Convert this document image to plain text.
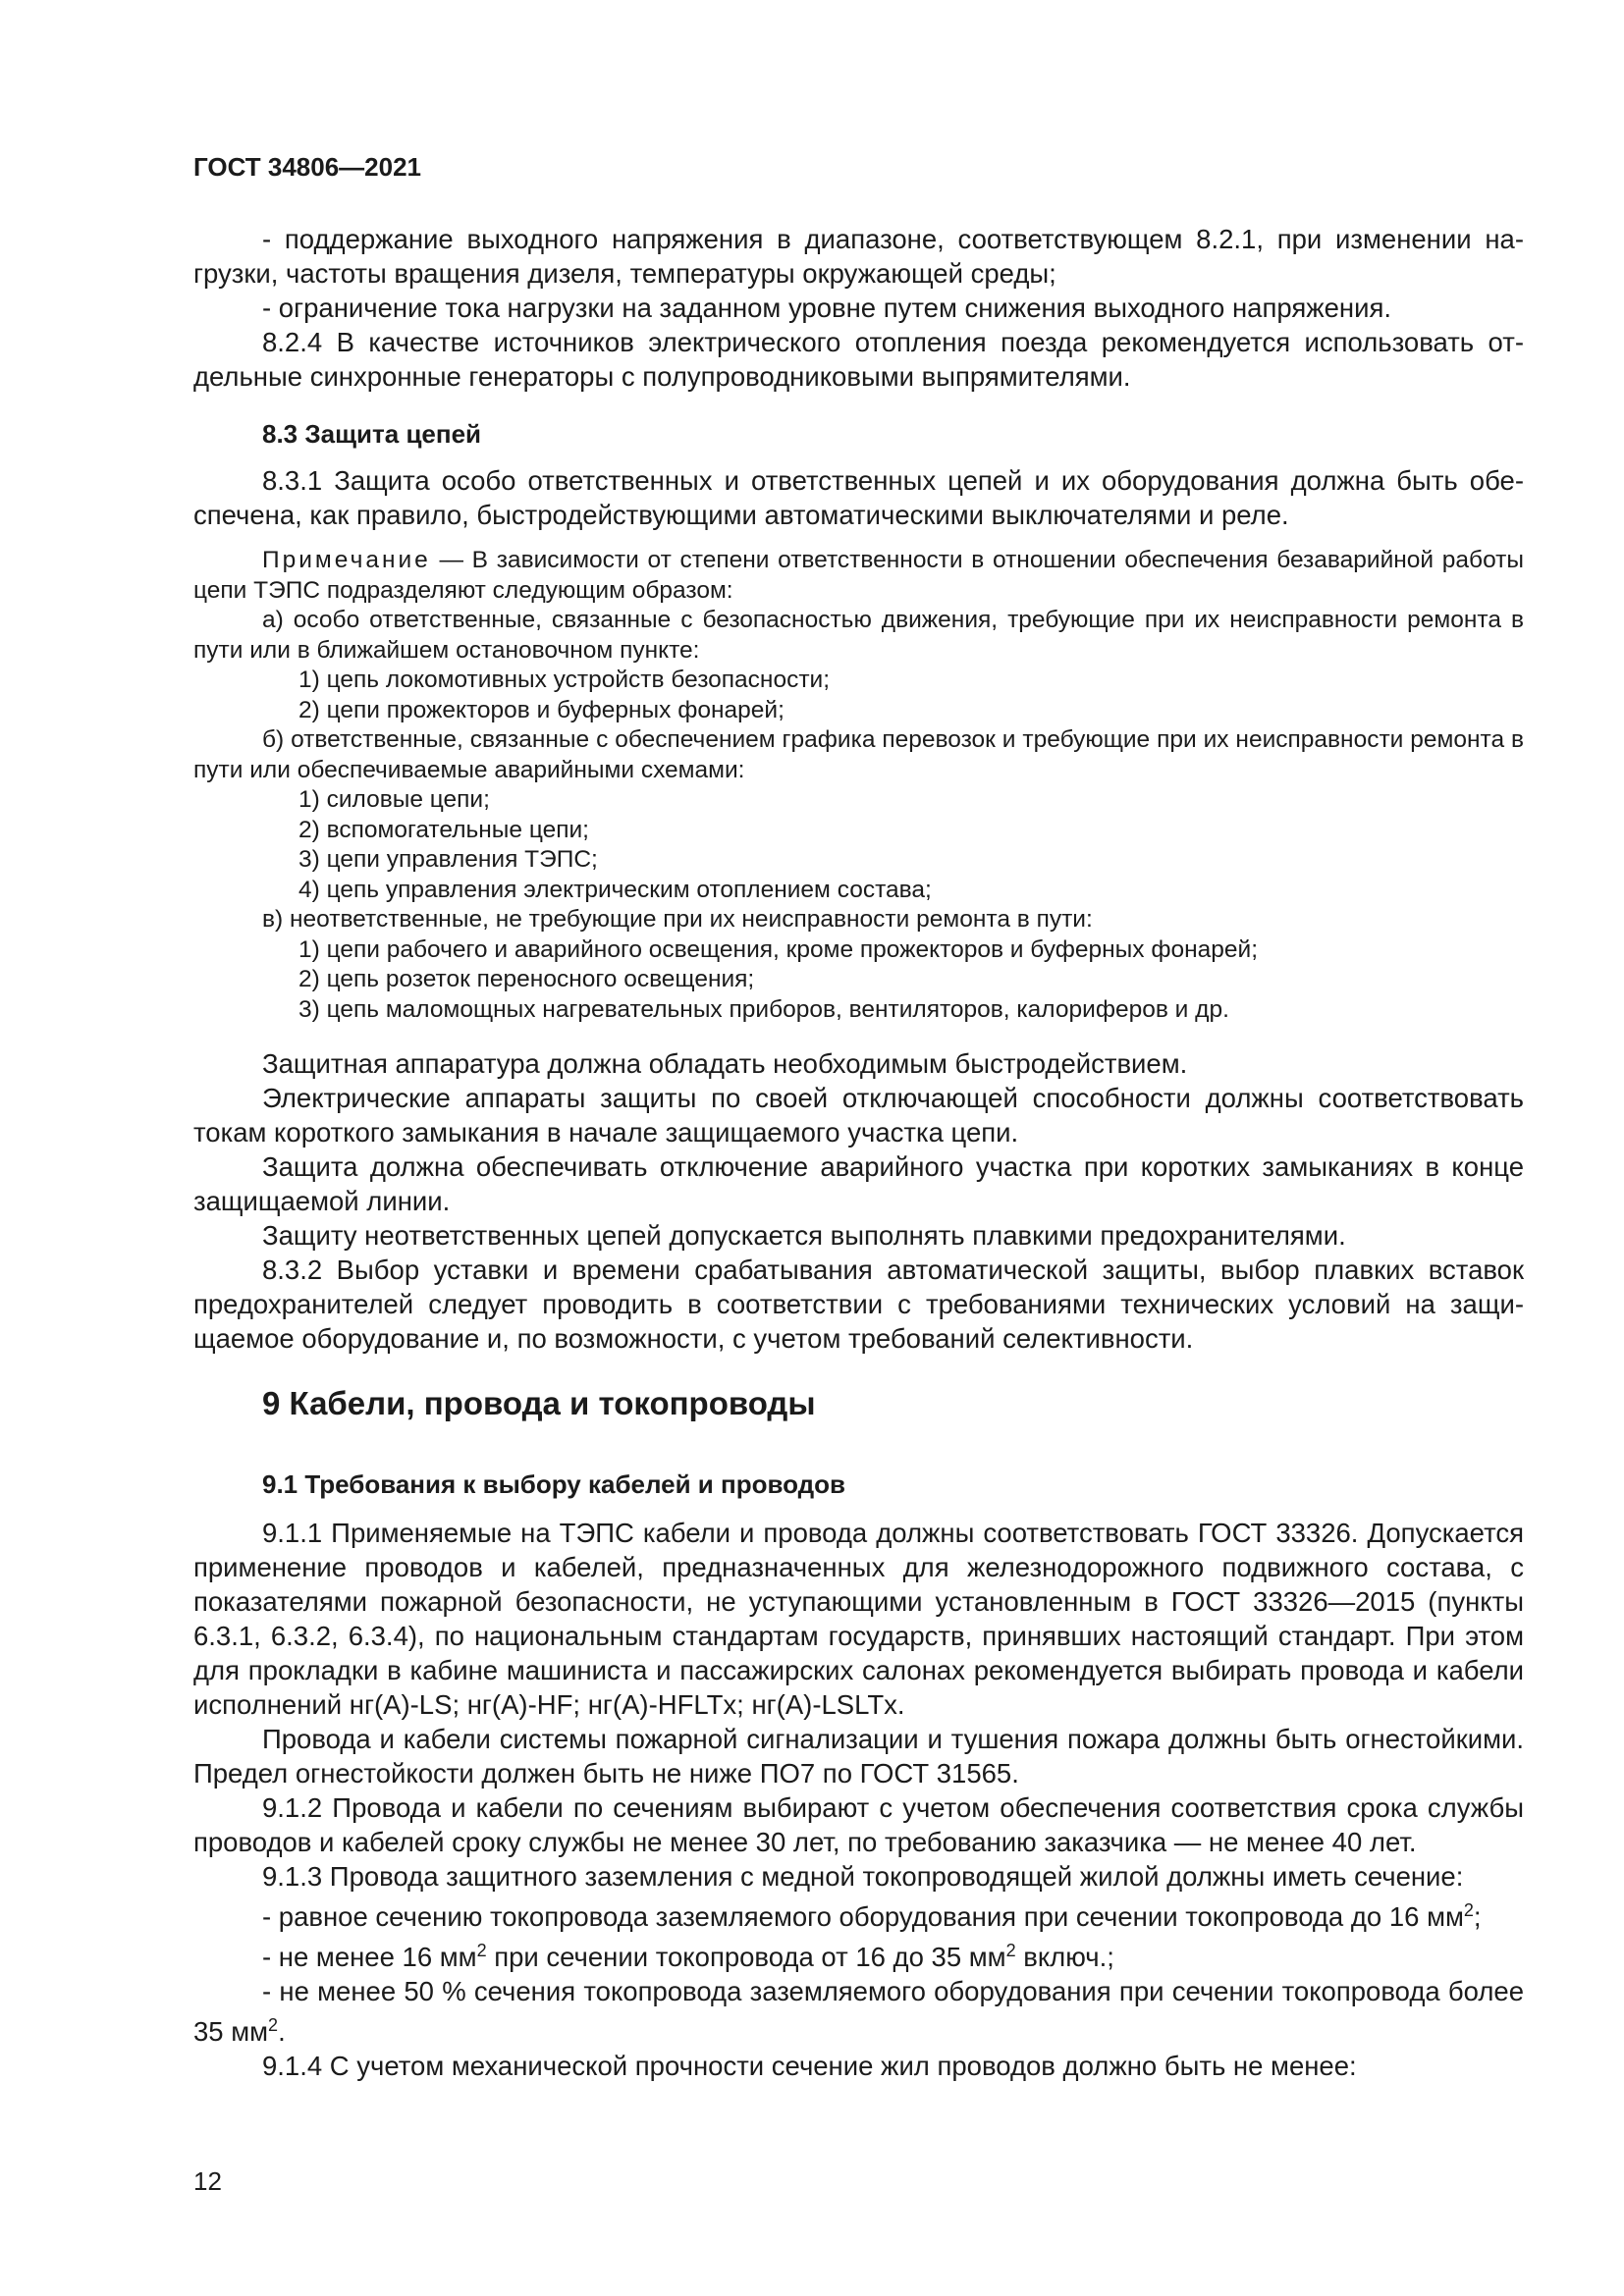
ГОСТ 34806—2021

- поддержание выходного напряжения в диапазоне, соответствующем 8.2.1, при изменении нагрузки, частоты вращения дизеля, температуры окружающей среды;

- ограничение тока нагрузки на заданном уровне путем снижения выходного напряжения.

8.2.4 В качестве источников электрического отопления поезда рекомендуется использовать отдельные синхронные генераторы с полупроводниковыми выпрямителями.

8.3 Защита цепей

8.3.1 Защита особо ответственных и ответственных цепей и их оборудования должна быть обеспечена, как правило, быстродействующими автоматическими выключателями и реле.

Примечание — В зависимости от степени ответственности в отношении обеспечения безаварийной работы цепи ТЭПС подразделяют следующим образом:

а) особо ответственные, связанные с безопасностью движения, требующие при их неисправности ремонта в пути или в ближайшем остановочном пункте:

1) цепь локомотивных устройств безопасности;

2) цепи прожекторов и буферных фонарей;

б) ответственные, связанные с обеспечением графика перевозок и требующие при их неисправности ремонта в пути или обеспечиваемые аварийными схемами:

1) силовые цепи;

2) вспомогательные цепи;

3) цепи управления ТЭПС;

4) цепь управления электрическим отоплением состава;

в) неответственные, не требующие при их неисправности ремонта в пути:

1) цепи рабочего и аварийного освещения, кроме прожекторов и буферных фонарей;

2) цепь розеток переносного освещения;

3) цепь маломощных нагревательных приборов, вентиляторов, калориферов и др.

Защитная аппаратура должна обладать необходимым быстродействием.

Электрические аппараты защиты по своей отключающей способности должны соответствовать токам короткого замыкания в начале защищаемого участка цепи.

Защита должна обеспечивать отключение аварийного участка при коротких замыканиях в конце защищаемой линии.

Защиту неответственных цепей допускается выполнять плавкими предохранителями.

8.3.2 Выбор уставки и времени срабатывания автоматической защиты, выбор плавких вставок предохранителей следует проводить в соответствии с требованиями технических условий на защищаемое оборудование и, по возможности, с учетом требований селективности.

9 Кабели, провода и токопроводы
9.1 Требования к выбору кабелей и проводов

9.1.1 Применяемые на ТЭПС кабели и провода должны соответствовать ГОСТ 33326. Допускается применение проводов и кабелей, предназначенных для железнодорожного подвижного состава, с показателями пожарной безопасности, не уступающими установленным в ГОСТ 33326—2015 (пункты 6.3.1, 6.3.2, 6.3.4), по национальным стандартам государств, принявших настоящий стандарт. При этом для прокладки в кабине машиниста и пассажирских салонах рекомендуется выбирать провода и кабели исполнений нг(А)-LS; нг(А)-HF; нг(А)-HFLTx; нг(А)-LSLTx.

Провода и кабели системы пожарной сигнализации и тушения пожара должны быть огнестойкими. Предел огнестойкости должен быть не ниже ПО7 по ГОСТ 31565.

9.1.2 Провода и кабели по сечениям выбирают с учетом обеспечения соответствия срока службы проводов и кабелей сроку службы не менее 30 лет, по требованию заказчика — не менее 40 лет.

9.1.3 Провода защитного заземления с медной токопроводящей жилой должны иметь сечение:

- равное сечению токопровода заземляемого оборудования при сечении токопровода до 16 $мм^2$;

- не менее 16 $мм^2$ при сечении токопровода от 16 до 35 $мм^2$ включ.;

- не менее 50 % сечения токопровода заземляемого оборудования при сечении токопровода более 35 $мм^2$.

9.1.4 С учетом механической прочности сечение жил проводов должно быть не менее:

12
